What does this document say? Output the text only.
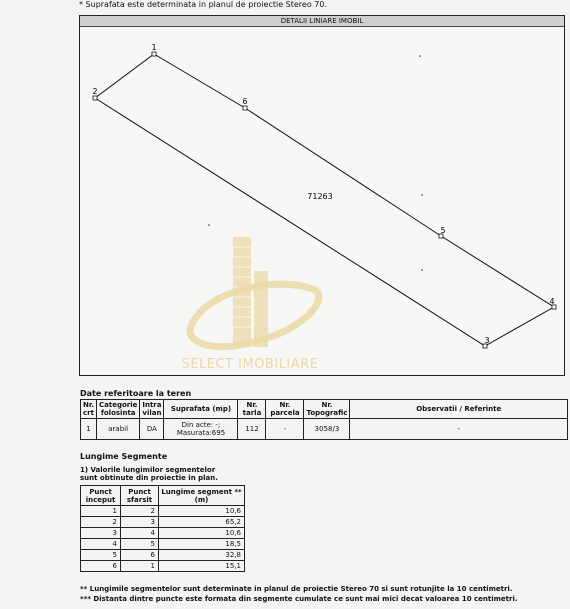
* Suprafata este determinata in planul de proiectie Stereo 70.
DETALII LINIARE IMOBIL
1
2
6
5
4
3
71263
SELECT IMOBILIARE
Date referitoare la teren
Nr. crt	Categorie folosinta	Intra vilan	Suprafata (mp)	Nr. tarla	Nr. parcela	Nr. Topografic	Observatii / Referinte
1	arabil	DA	Din acte: -; Masurata:695	112	-	3058/3	-
Lungime Segmente
1) Valorile lungimilor segmentelor
sunt obtinute din proiectie in plan.
Punct inceput	Punct sfarsit	Lungime segment ** (m)
1	2	10,6
2	3	65,2
3	4	10,6
4	5	18,5
5	6	32,8
6	1	15,1
** Lungimile segmentelor sunt determinate in planul de proiectie Stereo 70 si sunt rotunjite la 10 centimetri.
*** Distanta dintre puncte este formata din segmente cumulate ce sunt mai mici decat valoarea 10 centimetri.
